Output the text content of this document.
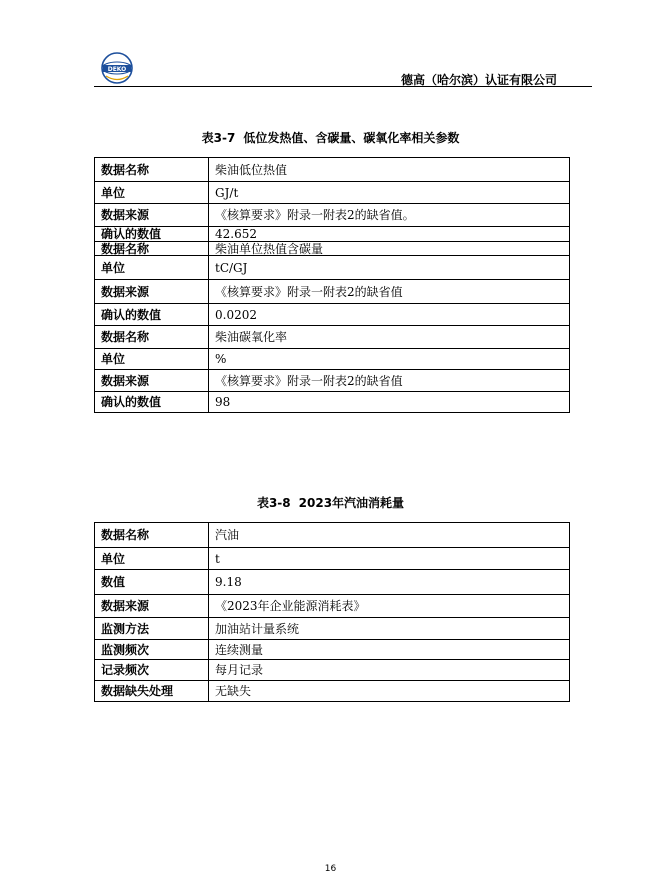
DEKO
德高（哈尔滨）认证有限公司
表3-7 低位发热值、含碳量、碳氧化率相关参数
数据名称	柴油低位热值
单位	GJ/t
数据来源	《核算要求》附录一附表2的缺省值。
确认的数值	42.652
数据名称	柴油单位热值含碳量
单位	tC/GJ
数据来源	《核算要求》附录一附表2的缺省值
确认的数值	0.0202
数据名称	柴油碳氧化率
单位	%
数据来源	《核算要求》附录一附表2的缺省值
确认的数值	98
表3-8 2023年汽油消耗量
数据名称	汽油
单位	t
数值	9.18
数据来源	《2023年企业能源消耗表》
监测方法	加油站计量系统
监测频次	连续测量
记录频次	每月记录
数据缺失处理	无缺失
16
